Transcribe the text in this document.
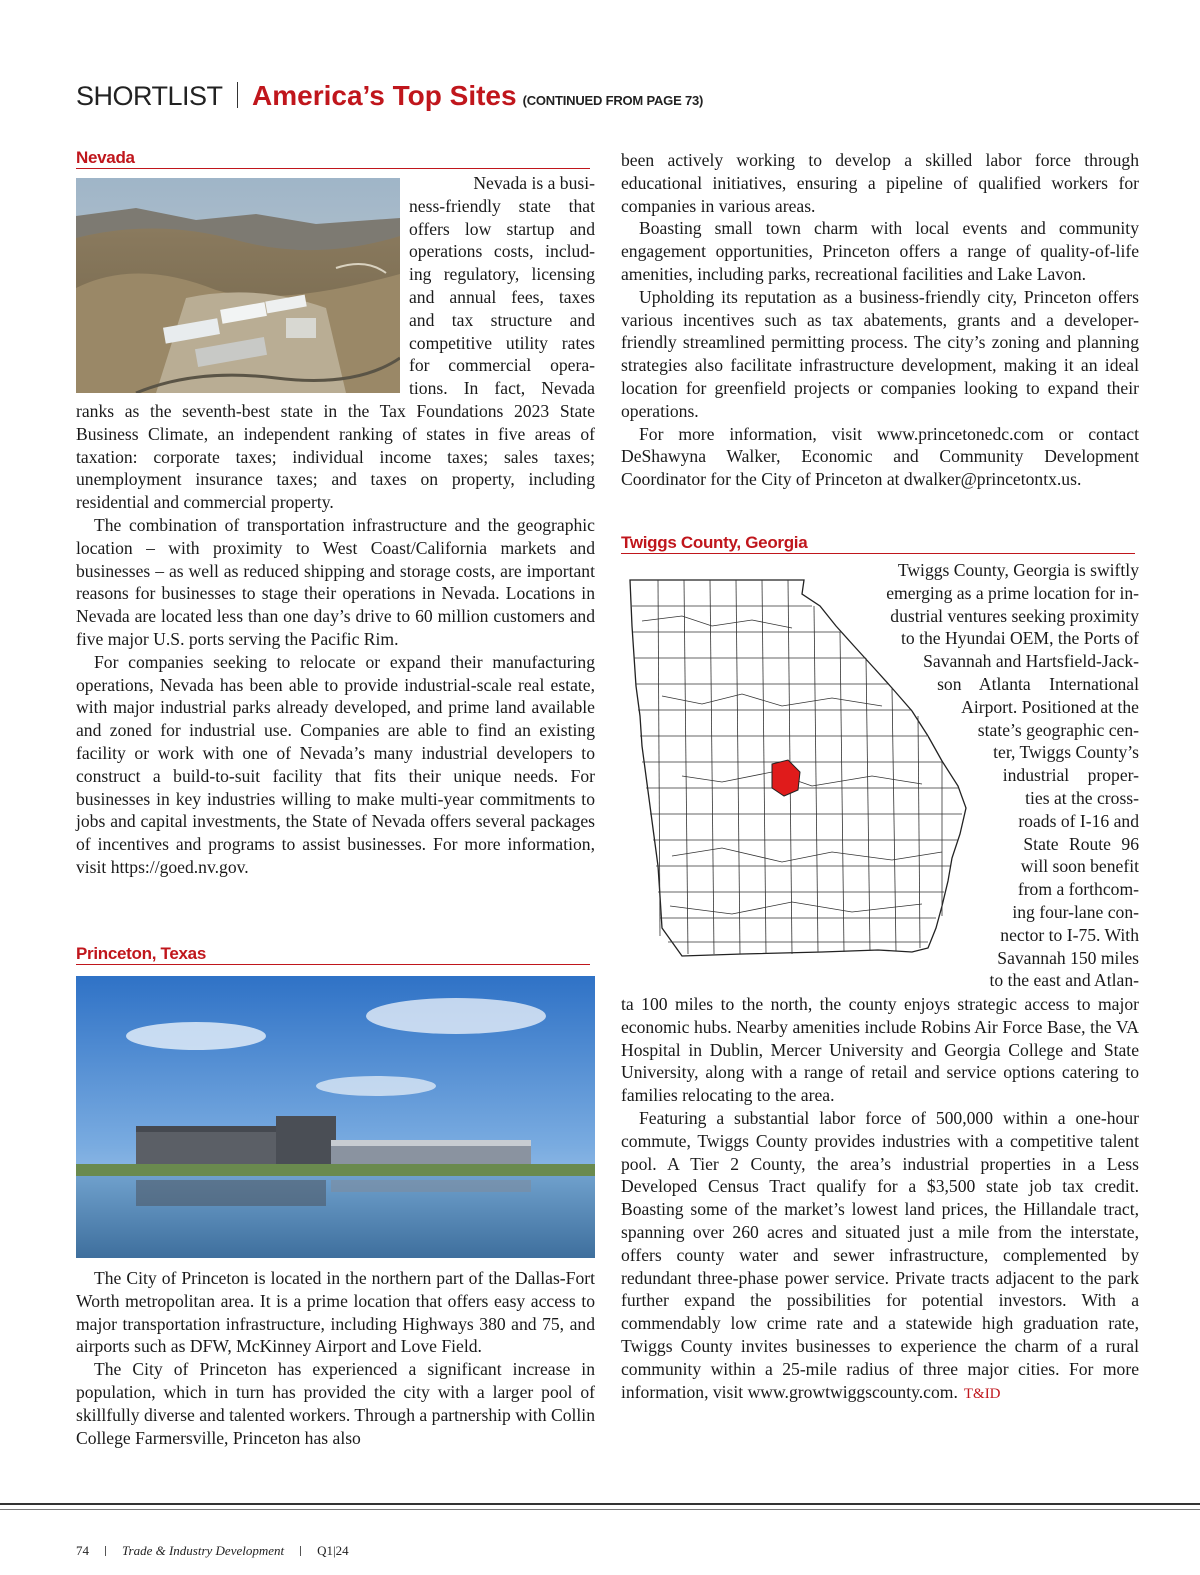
SHORTLIST America’s Top Sites (CONTINUED FROM PAGE 73)
Nevada

Nevada is a busi-

ness-friendly state that

offers low startup and

operations costs, includ-

ing regulatory, licensing

and annual fees, taxes

and tax structure and

competitive utility rates

for commercial opera-

tions. In fact, Nevada

ranks as the seventh-best state in the Tax Foundations 2023 State Business Climate, an independent ranking of states in five areas of taxation: corporate taxes; individual income taxes; sales taxes; unemployment insurance taxes; and taxes on property, including residential and commercial property.

The combination of transportation infrastructure and the geographic location – with proximity to West Coast/California markets and businesses – as well as reduced shipping and storage costs, are important reasons for businesses to stage their operations in Nevada. Locations in Nevada are located less than one day’s drive to 60 million customers and five major U.S. ports serving the Pacific Rim.

For companies seeking to relocate or expand their manufacturing operations, Nevada has been able to provide industrial-scale real estate, with major industrial parks already developed, and prime land available and zoned for industrial use. Companies are able to find an existing facility or work with one of Nevada’s many industrial developers to construct a build-to-suit facility that fits their unique needs. For businesses in key industries willing to make multi-year commitments to jobs and capital investments, the State of Nevada offers several packages of incentives and programs to assist businesses. For more information, visit https://goed.nv.gov.

Princeton, Texas

The City of Princeton is located in the northern part of the Dallas-Fort Worth metropolitan area. It is a prime location that offers easy access to major transportation infrastructure, including Highways 380 and 75, and airports such as DFW, McKinney Airport and Love Field.

The City of Princeton has experienced a significant increase in population, which in turn has provided the city with a larger pool of skillfully diverse and talented workers. Through a partnership with Collin College Farmersville, Princeton has also

been actively working to develop a skilled labor force through educational initiatives, ensuring a pipeline of qualified workers for companies in various areas.

Boasting small town charm with local events and community engagement opportunities, Princeton offers a range of quality-of-life amenities, including parks, recreational facilities and Lake Lavon.

Upholding its reputation as a business-friendly city, Princeton offers various incentives such as tax abatements, grants and a developer-friendly streamlined permitting process. The city’s zoning and planning strategies also facilitate infrastructure development, making it an ideal location for greenfield projects or companies looking to expand their operations.

For more information, visit www.princetonedc.com or contact DeShawyna Walker, Economic and Community Development Coordinator for the City of Princeton at dwalker@princetontx.us.

Twiggs County, Georgia

Twiggs County, Georgia is swiftly

emerging as a prime location for in-

dustrial ventures seeking proximity

to the Hyundai OEM, the Ports of

Savannah and Hartsfield-Jack-

son Atlanta International

Airport. Positioned at the

state’s geographic cen-

ter, Twiggs County’s

industrial proper-

ties at the cross-

roads of I-16 and

State Route 96

will soon benefit

from a forthcom-

ing four-lane con-

nector to I-75. With

Savannah 150 miles

to the east and Atlan-

ta 100 miles to the north, the county enjoys strategic access to major economic hubs. Nearby amenities include Robins Air Force Base, the VA Hospital in Dublin, Mercer University and Georgia College and State University, along with a range of retail and service options catering to families relocating to the area.

Featuring a substantial labor force of 500,000 within a one-hour commute, Twiggs County provides industries with a competitive talent pool. A Tier 2 County, the area’s industrial properties in a Less Developed Census Tract qualify for a $3,500 state job tax credit. Boasting some of the market’s lowest land prices, the Hillandale tract, spanning over 260 acres and situated just a mile from the interstate, offers county water and sewer infrastructure, complemented by redundant three-phase power service. Private tracts adjacent to the park further expand the possibilities for potential investors. With a commendably low crime rate and a statewide high graduation rate, Twiggs County invites businesses to experience the charm of a rural community within a 25-mile radius of three major cities. For more information, visit www.growtwiggscounty.com. T&ID

74	Trade & Industry Development	Q1|24
